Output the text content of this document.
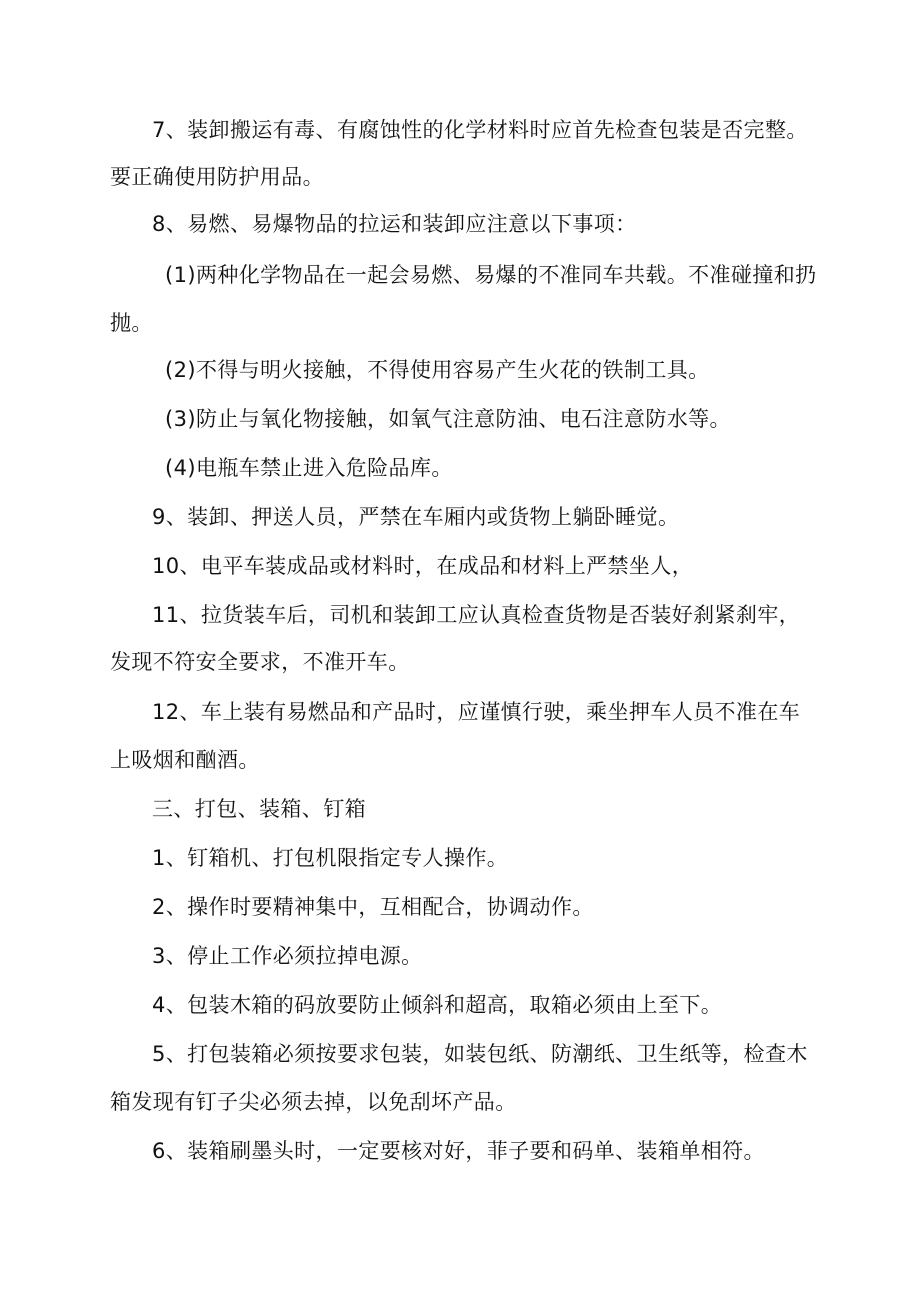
7、装卸搬运有毒、有腐蚀性的化学材料时应首先检查包装是否完整。

要正确使用防护用品。

8、易燃、易爆物品的拉运和装卸应注意以下事项：

(1)两种化学物品在一起会易燃、易爆的不准同车共载。不准碰撞和扔

抛。

(2)不得与明火接触，不得使用容易产生火花的铁制工具。

(3)防止与氧化物接触，如氧气注意防油、电石注意防水等。

(4)电瓶车禁止进入危险品库。

9、装卸、押送人员，严禁在车厢内或货物上躺卧睡觉。

10、电平车装成品或材料时，在成品和材料上严禁坐人，

11、拉货装车后，司机和装卸工应认真检查货物是否装好刹紧刹牢，

发现不符安全要求，不准开车。

12、车上装有易燃品和产品时，应谨慎行驶，乘坐押车人员不准在车

上吸烟和酗酒。

三、打包、装箱、钉箱

1、钉箱机、打包机限指定专人操作。

2、操作时要精神集中，互相配合，协调动作。

3、停止工作必须拉掉电源。

4、包装木箱的码放要防止倾斜和超高，取箱必须由上至下。

5、打包装箱必须按要求包装，如装包纸、防潮纸、卫生纸等，检查木

箱发现有钉子尖必须去掉，以免刮坏产品。

6、装箱刷墨头时，一定要核对好，菲子要和码单、装箱单相符。
